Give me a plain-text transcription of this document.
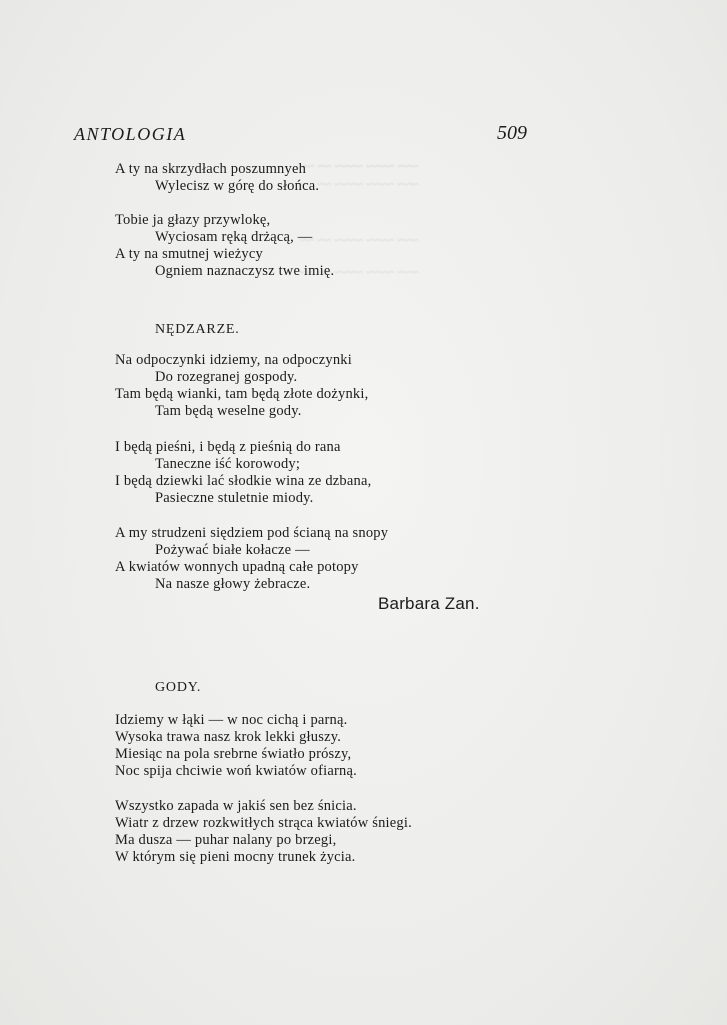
~~~ ~~~~ ~~~~ ~~ ~~
~~~ ~~~~ ~~~~ ~~ ~~
~~~ ~~~~ ~~~~ ~~ ~~
~~~ ~~~~ ~~~~ ~~ ~~
ANTOLOGIA	509
A ty na skrzydłach poszumnyeh
Wylecisz w górę do słońca.
Tobie ja głazy przywlokę,
Wyciosam ręką drżącą, —
A ty na smutnej wieżycy
Ogniem naznaczysz twe imię.
NĘDZARZE.
Na odpoczynki idziemy, na odpoczynki
Do rozegranej gospody.
Tam będą wianki, tam będą złote dożynki,
Tam będą weselne gody.
I będą pieśni, i będą z pieśnią do rana
Taneczne iść korowody;
I będą dziewki lać słodkie wina ze dzbana,
Pasieczne stuletnie miody.
A my strudzeni siędziem pod ścianą na snopy
Pożywać białe kołacze —
A kwiatów wonnych upadną całe potopy
Na nasze głowy żebracze.
Barbara Zan.
GODY.
Idziemy w łąki — w noc cichą i parną.
Wysoka trawa nasz krok lekki głuszy.
Miesiąc na pola srebrne światło prószy,
Noc spija chciwie woń kwiatów ofiarną.
Wszystko zapada w jakiś sen bez śnicia.
Wiatr z drzew rozkwitłych strąca kwiatów śniegi.
Ma dusza — puhar nalany po brzegi,
W którym się pieni mocny trunek życia.
